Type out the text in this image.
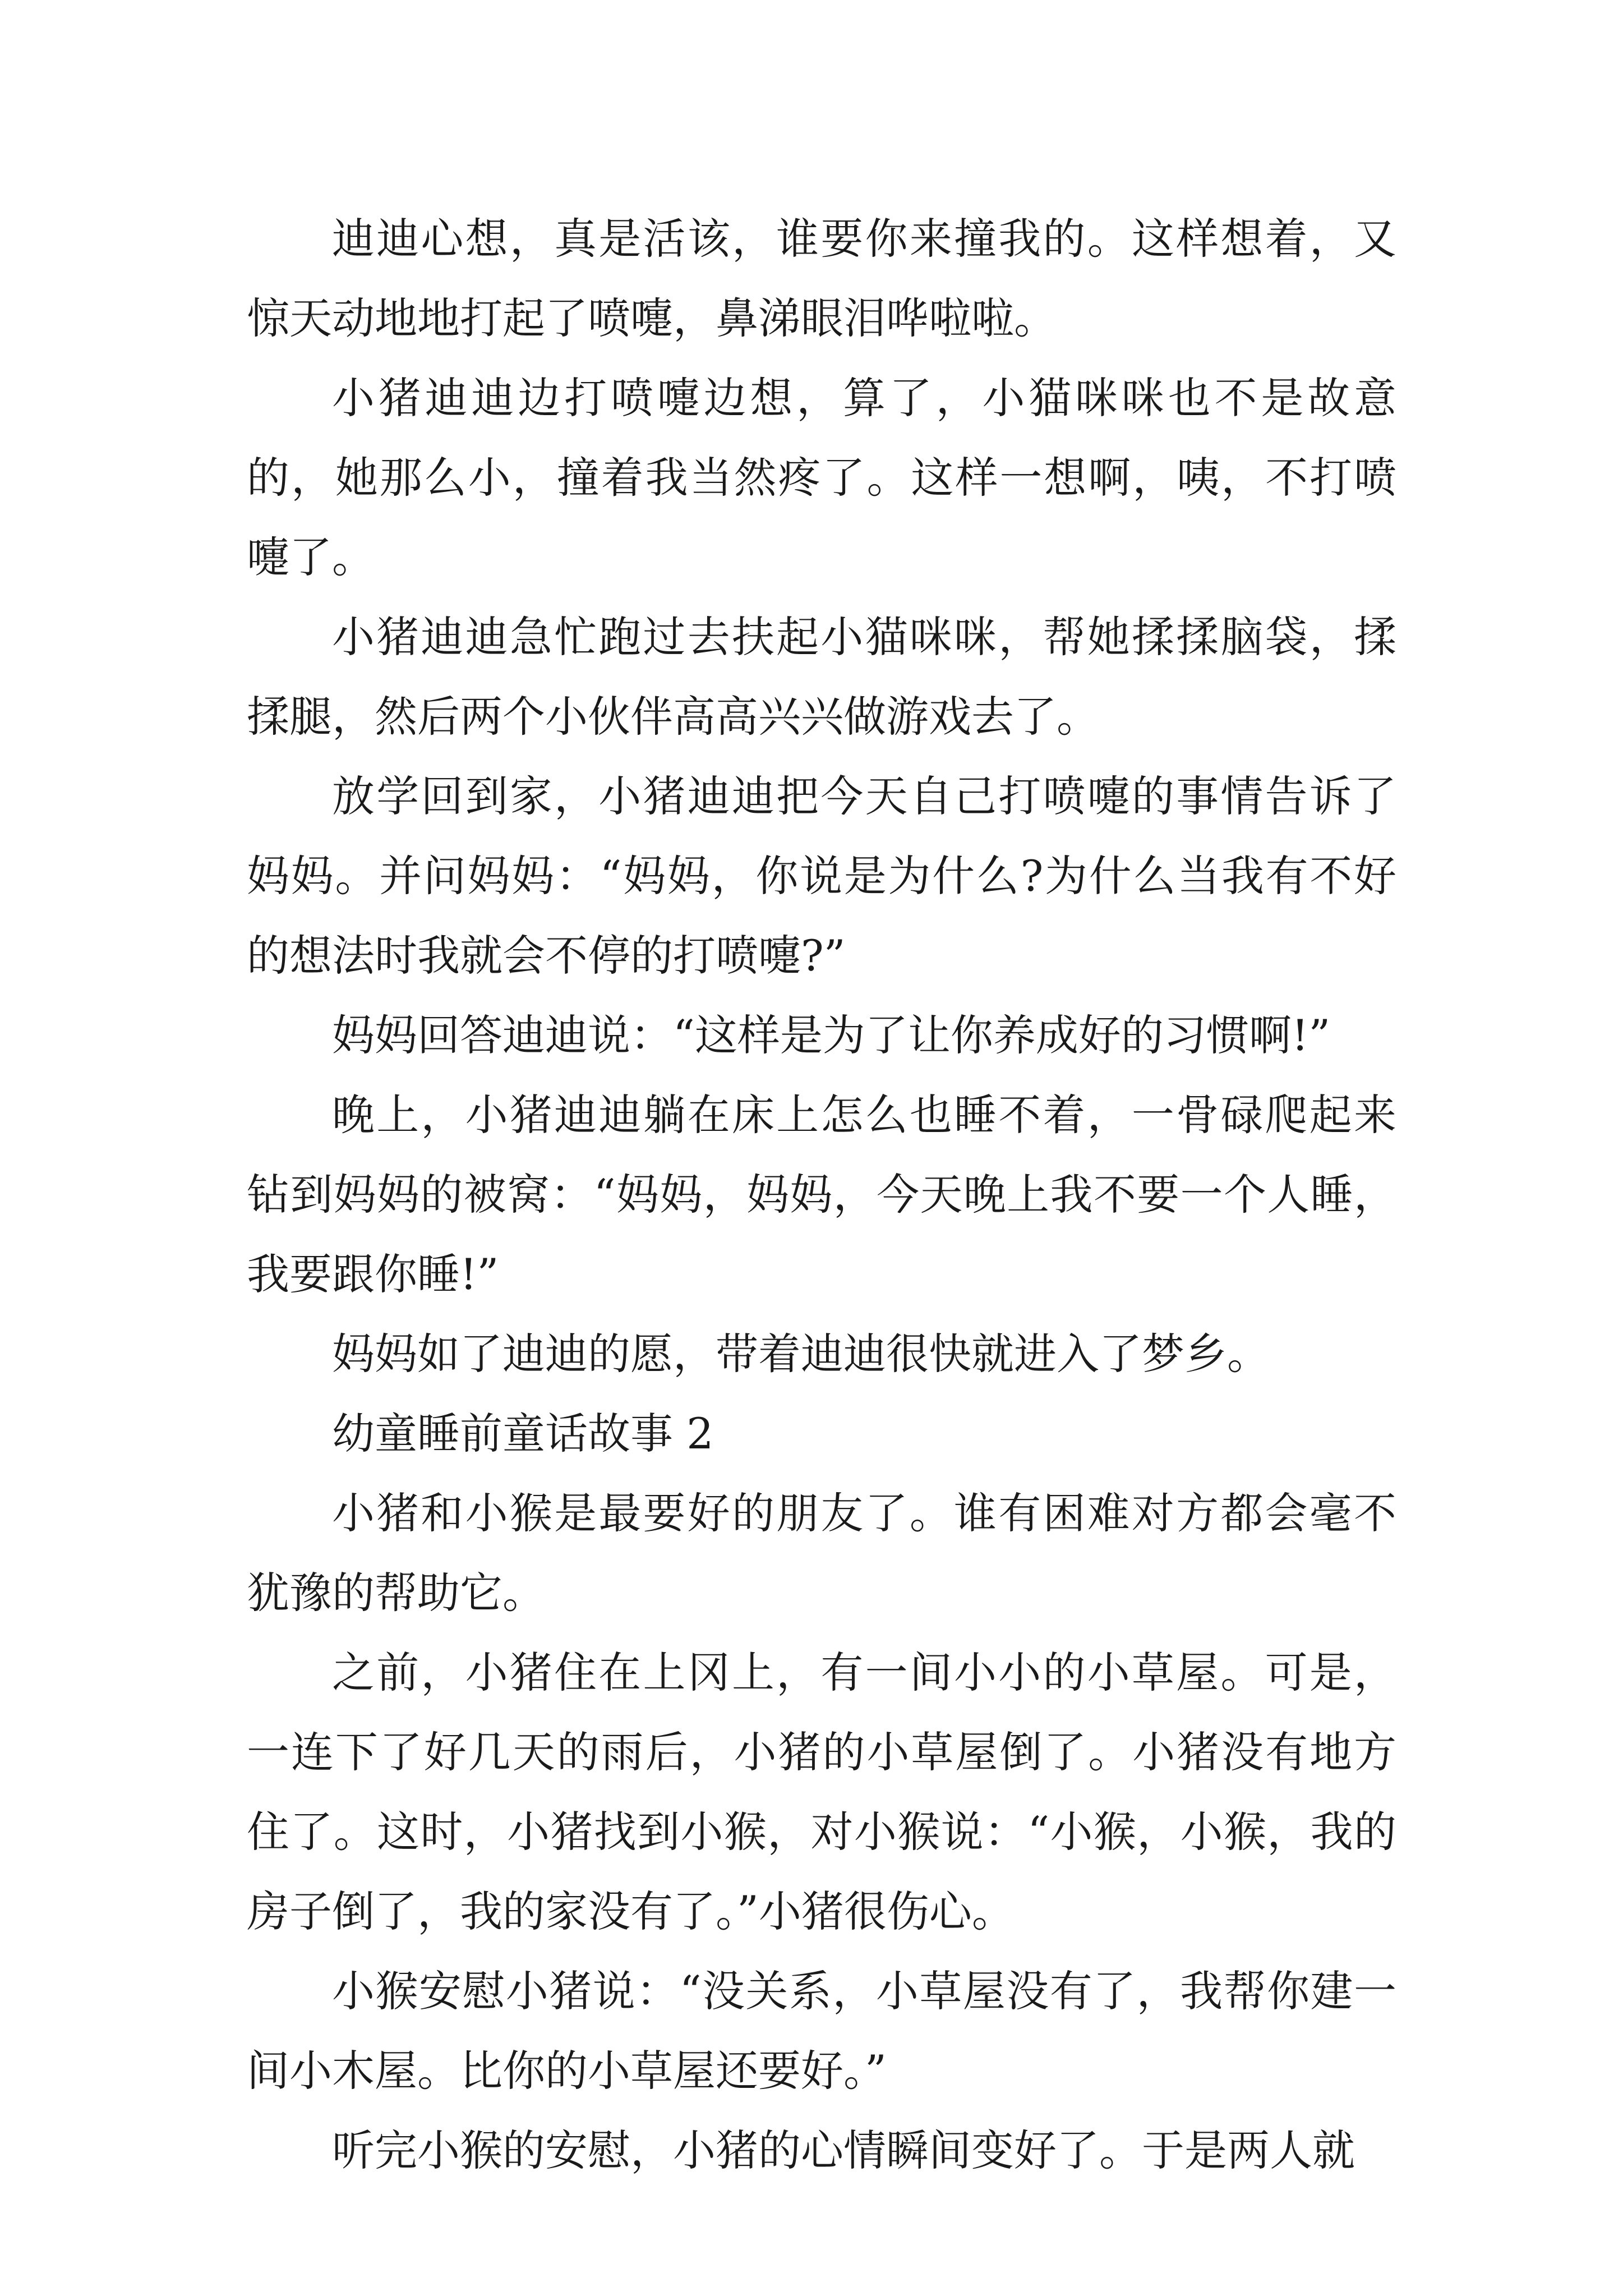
迪迪心想，真是活该，谁要你来撞我的。这样想着，又惊天动地地打起了喷嚏，鼻涕眼泪哗啦啦。

小猪迪迪边打喷嚏边想，算了，小猫咪咪也不是故意的，她那么小，撞着我当然疼了。这样一想啊，咦，不打喷嚏了。

小猪迪迪急忙跑过去扶起小猫咪咪，帮她揉揉脑袋，揉揉腿，然后两个小伙伴高高兴兴做游戏去了。

放学回到家，小猪迪迪把今天自己打喷嚏的事情告诉了妈妈。并问妈妈：“妈妈，你说是为什么?为什么当我有不好的想法时我就会不停的打喷嚏?”

妈妈回答迪迪说：“这样是为了让你养成好的习惯啊!”

晚上，小猪迪迪躺在床上怎么也睡不着，一骨碌爬起来钻到妈妈的被窝：“妈妈，妈妈，今天晚上我不要一个人睡，我要跟你睡!”

妈妈如了迪迪的愿，带着迪迪很快就进入了梦乡。

幼童睡前童话故事 2

小猪和小猴是最要好的朋友了。谁有困难对方都会毫不犹豫的帮助它。

之前，小猪住在上冈上，有一间小小的小草屋。可是，一连下了好几天的雨后，小猪的小草屋倒了。小猪没有地方住了。这时，小猪找到小猴，对小猴说：“小猴，小猴，我的房子倒了，我的家没有了。”小猪很伤心。

小猴安慰小猪说：“没关系，小草屋没有了，我帮你建一间小木屋。比你的小草屋还要好。”

听完小猴的安慰，小猪的心情瞬间变好了。于是两人就
